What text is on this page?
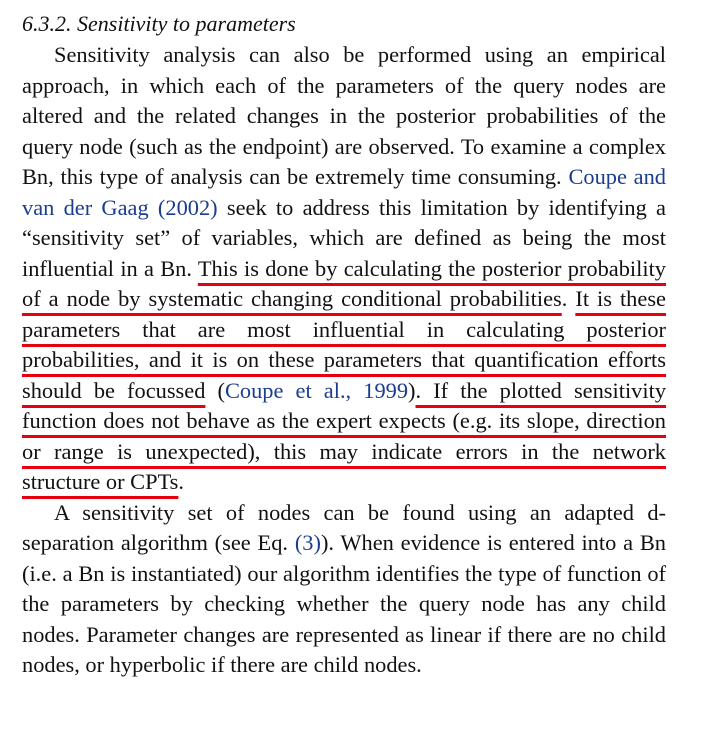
6.3.2. Sensitivity to parameters

Sensitivity analysis can also be performed using an empirical approach, in which each of the parameters of the query nodes are altered and the related changes in the posterior probabilities of the query node (such as the endpoint) are observed. To examine a complex Bn, this type of analysis can be extremely time consuming. Coupe and van der Gaag (2002) seek to address this limitation by identifying a “sensitivity set” of variables, which are defined as being the most influential in a Bn. This is done by calculating the posterior probability of a node by systematic changing conditional probabilities. It is these parameters that are most influential in calculating posterior probabilities, and it is on these parameters that quantification efforts should be focussed (Coupe et al., 1999). If the plotted sensitivity function does not behave as the expert expects (e.g. its slope, direction or range is unexpected), this may indicate errors in the network structure or CPTs.

A sensitivity set of nodes can be found using an adapted d-separation algorithm (see Eq. (3)). When evidence is entered into a Bn (i.e. a Bn is instantiated) our algorithm identifies the type of function of the parameters by checking whether the query node has any child nodes. Parameter changes are represented as linear if there are no child nodes, or hyperbolic if there are child nodes.
